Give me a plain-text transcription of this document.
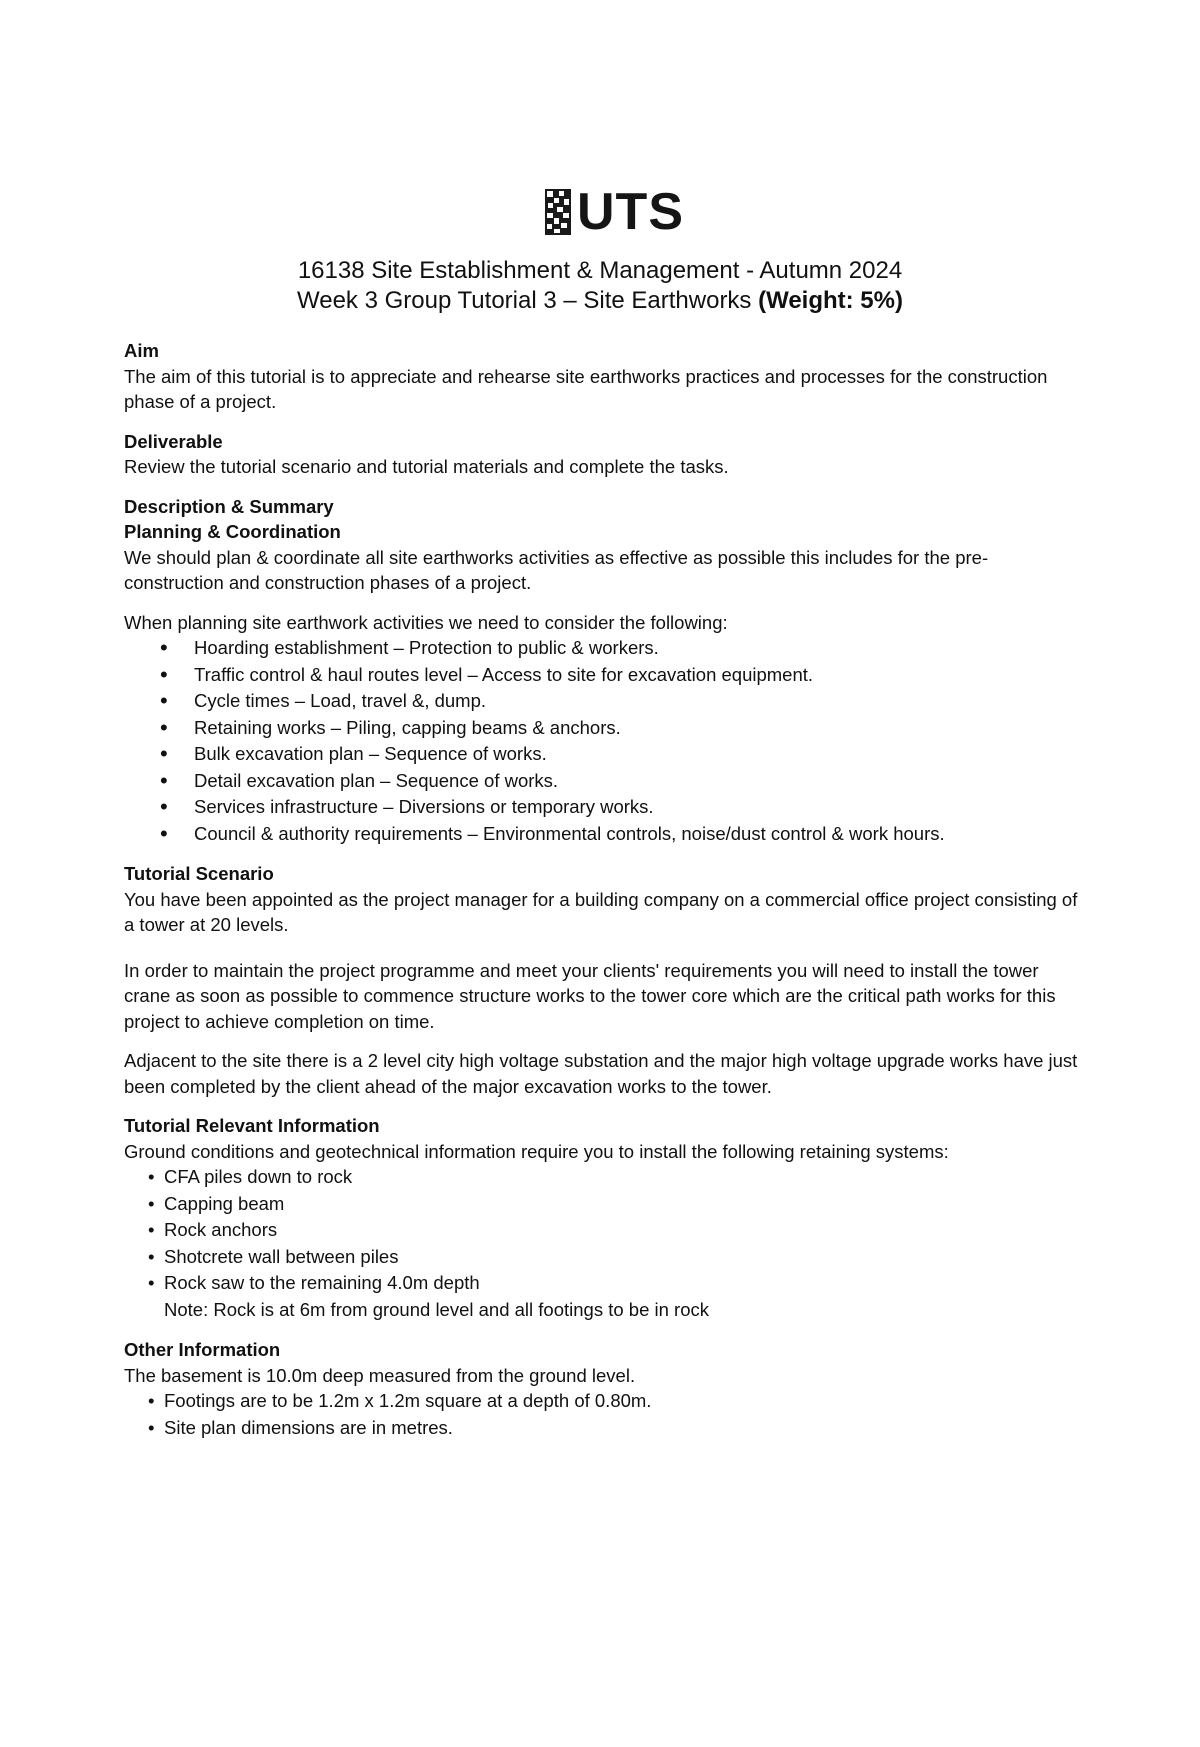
UTS
16138 Site Establishment & Management - Autumn 2024
Week 3 Group Tutorial 3 – Site Earthworks (Weight: 5%)

Aim

The aim of this tutorial is to appreciate and rehearse site earthworks practices and processes for the construction phase of a project.

Deliverable

Review the tutorial scenario and tutorial materials and complete the tasks.

Description & Summary

Planning & Coordination

We should plan & coordinate all site earthworks activities as effective as possible this includes for the pre-construction and construction phases of a project.

When planning site earthwork activities we need to consider the following:

• Hoarding establishment – Protection to public & workers.
• Traffic control & haul routes level – Access to site for excavation equipment.
• Cycle times – Load, travel &, dump.
• Retaining works – Piling, capping beams & anchors.
• Bulk excavation plan – Sequence of works.
• Detail excavation plan – Sequence of works.
• Services infrastructure – Diversions or temporary works.
• Council & authority requirements – Environmental controls, noise/dust control & work hours.

Tutorial Scenario

You have been appointed as the project manager for a building company on a commercial office project consisting of a tower at 20 levels.

In order to maintain the project programme and meet your clients' requirements you will need to install the tower crane as soon as possible to commence structure works to the tower core which are the critical path works for this project to achieve completion on time.

Adjacent to the site there is a 2 level city high voltage substation and the major high voltage upgrade works have just been completed by the client ahead of the major excavation works to the tower.

Tutorial Relevant Information

Ground conditions and geotechnical information require you to install the following retaining systems:

• CFA piles down to rock
• Capping beam
• Rock anchors
• Shotcrete wall between piles
• Rock saw to the remaining 4.0m depth

Note: Rock is at 6m from ground level and all footings to be in rock

Other Information

The basement is 10.0m deep measured from the ground level.

• Footings are to be 1.2m x 1.2m square at a depth of 0.80m.
• Site plan dimensions are in metres.
